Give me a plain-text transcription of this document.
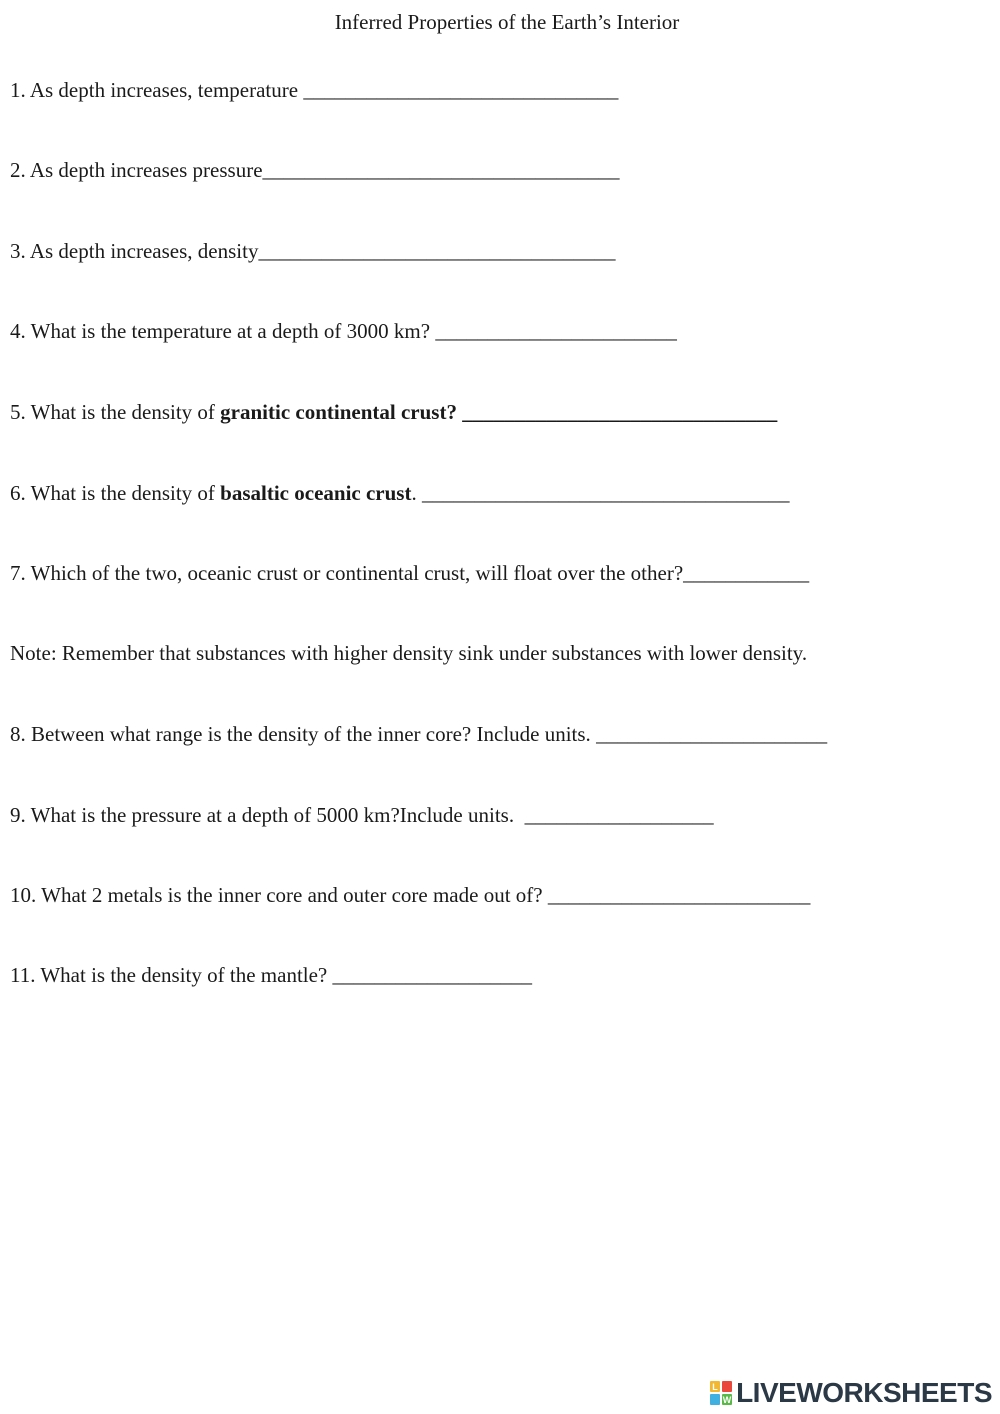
Inferred Properties of the Earth’s Interior
1. As depth increases, temperature ______________________________
2. As depth increases pressure__________________________________
3. As depth increases, density__________________________________
4. What is the temperature at a depth of 3000 km? _______________________
5. What is the density of granitic continental crust? ______________________________
6. What is the density of basaltic oceanic crust. ___________________________________
7. Which of the two, oceanic crust or continental crust, will float over the other?____________
Note: Remember that substances with higher density sink under substances with lower density.
8. Between what range is the density of the inner core? Include units. ______________________
9. What is the pressure at a depth of 5000 km?Include units.  __________________
10. What 2 metals is the inner core and outer core made out of? _________________________
11. What is the density of the mantle? ___________________
L
W LIVEWORKSHEETS
